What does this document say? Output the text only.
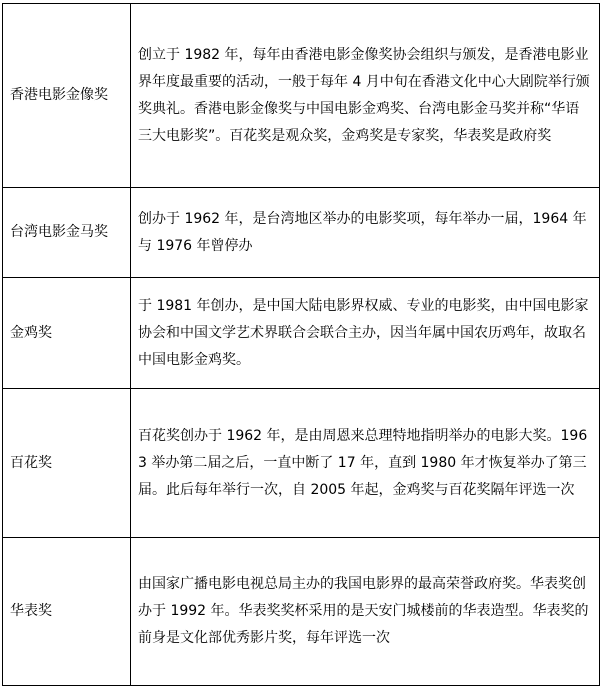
香港电影金像奖	创立于 1982 年，每年由香港电影金像奖协会组织与颁发，是香港电影业界年度最重要的活动，一般于每年 4 月中旬在香港文化中心大剧院举行颁奖典礼。香港电影金像奖与中国电影金鸡奖、台湾电影金马奖并称“华语三大电影奖”。百花奖是观众奖，金鸡奖是专家奖，华表奖是政府奖
台湾电影金马奖	创办于 1962 年，是台湾地区举办的电影奖项，每年举办一届，1964 年与 1976 年曾停办
金鸡奖	于 1981 年创办，是中国大陆电影界权威、专业的电影奖，由中国电影家协会和中国文学艺术界联合会联合主办，因当年属中国农历鸡年，故取名中国电影金鸡奖。
百花奖	百花奖创办于 1962 年，是由周恩来总理特地指明举办的电影大奖。1963 举办第二届之后，一直中断了 17 年，直到 1980 年才恢复举办了第三届。此后每年举行一次，自 2005 年起，金鸡奖与百花奖隔年评选一次
华表奖	由国家广播电影电视总局主办的我国电影界的最高荣誉政府奖。华表奖创办于 1992 年。华表奖奖杯采用的是天安门城楼前的华表造型。华表奖的前身是文化部优秀影片奖，每年评选一次
